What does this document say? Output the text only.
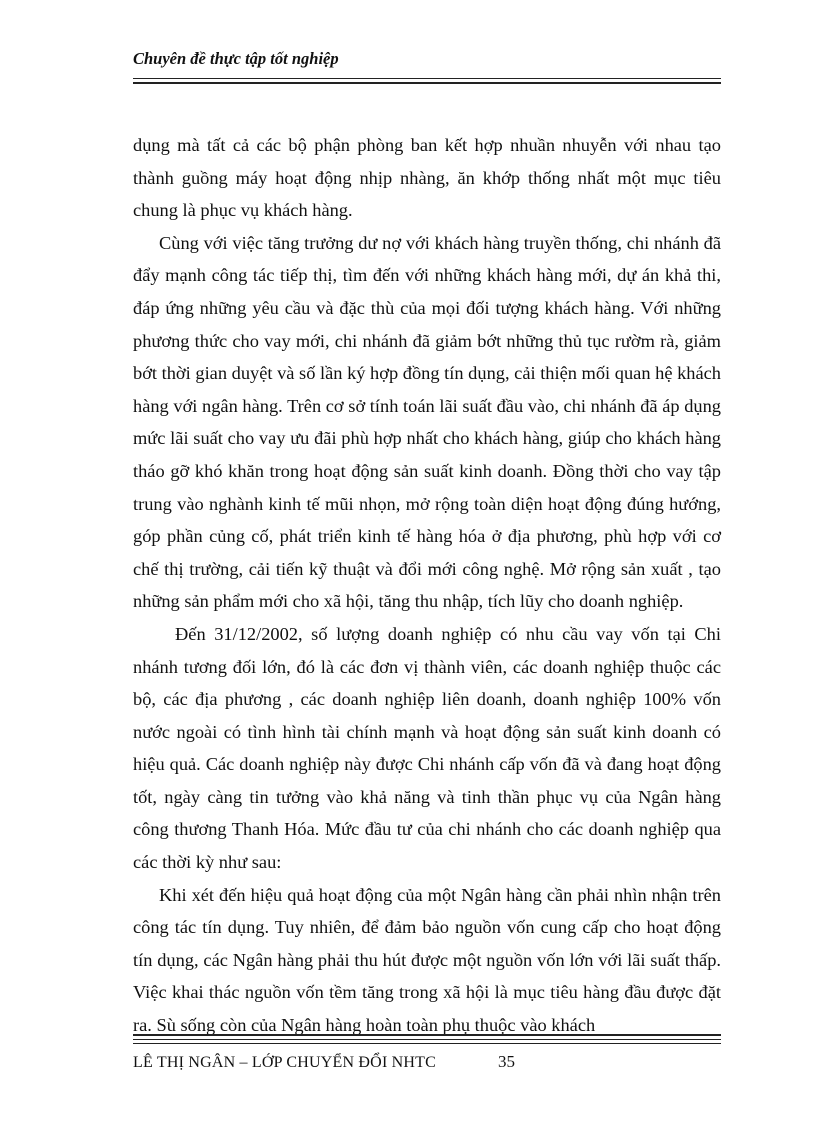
Chuyên đề thực tập tốt nghiệp

dụng mà tất cả các bộ phận phòng ban kết hợp nhuần nhuyễn với nhau tạo thành guồng máy hoạt động nhịp nhàng, ăn khớp thống nhất một mục tiêu chung là phục vụ khách hàng.

Cùng với việc tăng trưởng dư nợ với khách hàng truyền thống, chi nhánh đã đẩy mạnh công tác tiếp thị, tìm đến với những khách hàng mới, dự án khả thi, đáp ứng những yêu cầu và đặc thù của mọi đối tượng khách hàng. Với những phương thức cho vay mới, chi nhánh đã giảm bớt những thủ tục rườm rà, giảm bớt thời gian duyệt và số lần ký hợp đồng tín dụng, cải thiện mối quan hệ khách hàng với ngân hàng. Trên cơ sở tính toán lãi suất đầu vào, chi nhánh đã áp dụng mức lãi suất cho vay ưu đãi phù hợp nhất cho khách hàng, giúp cho khách hàng tháo gỡ khó khăn trong hoạt động sản suất kinh doanh. Đồng thời cho vay tập trung vào nghành kinh tế mũi nhọn, mở rộng toàn diện hoạt động đúng hướng, góp phần củng cố, phát triển kinh tế hàng hóa ở địa phương, phù hợp với cơ chế thị trường, cải tiến kỹ thuật và đổi mới công nghệ. Mở rộng sản xuất , tạo những sản phẩm mới cho xã hội, tăng thu nhập, tích lũy cho doanh nghiệp.

Đến 31/12/2002, số lượng doanh nghiệp có nhu cầu vay vốn tại Chi nhánh tương đối lớn, đó là các đơn vị thành viên, các doanh nghiệp thuộc các bộ, các địa phương , các doanh nghiệp liên doanh, doanh nghiệp 100% vốn nước ngoài có tình hình tài chính mạnh và hoạt động sản suất kinh doanh có hiệu quả. Các doanh nghiệp này được Chi nhánh cấp vốn đã và đang hoạt động tốt, ngày càng tin tưởng vào khả năng và tinh thần phục vụ của Ngân hàng công thương Thanh Hóa. Mức đầu tư của chi nhánh cho các doanh nghiệp qua các thời kỳ như sau:

Khi xét đến hiệu quả hoạt động của một Ngân hàng cần phải nhìn nhận trên công tác tín dụng. Tuy nhiên, để đảm bảo nguồn vốn cung cấp cho hoạt động tín dụng, các Ngân hàng phải thu hút được một nguồn vốn lớn với lãi suất thấp. Việc khai thác nguồn vốn tềm tăng trong xã hội là mục tiêu hàng đầu được đặt ra. Sù sống còn của Ngân hàng hoàn toàn phụ thuộc vào khách

LÊ THỊ NGÂN – LỚP CHUYỂN ĐỔI NHTC	35
